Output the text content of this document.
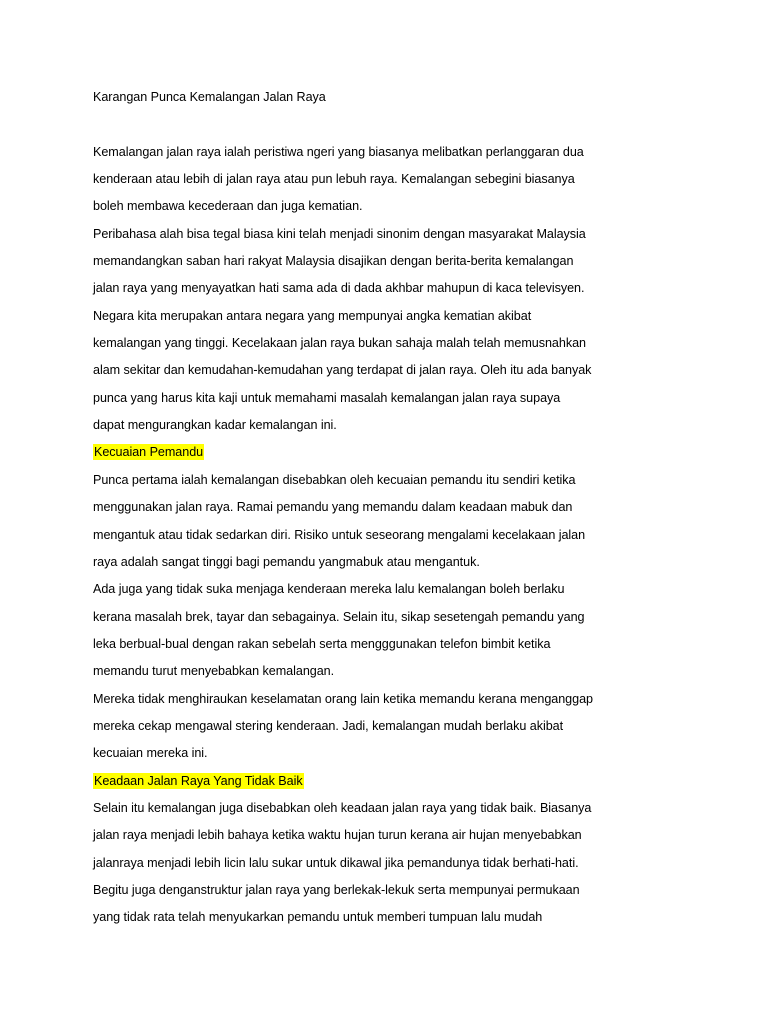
Karangan Punca Kemalangan Jalan Raya
Kemalangan jalan raya ialah peristiwa ngeri yang biasanya melibatkan perlanggaran dua
kenderaan atau lebih di jalan raya atau pun lebuh raya. Kemalangan sebegini biasanya
boleh membawa kecederaan dan juga kematian.
Peribahasa alah bisa tegal biasa kini telah menjadi sinonim dengan masyarakat Malaysia
memandangkan saban hari rakyat Malaysia disajikan dengan berita-berita kemalangan
jalan raya yang menyayatkan hati sama ada di dada akhbar mahupun di kaca televisyen.
Negara kita merupakan antara negara yang mempunyai angka kematian akibat
kemalangan yang tinggi. Kecelakaan jalan raya bukan sahaja malah telah memusnahkan
alam sekitar dan kemudahan-kemudahan yang terdapat di jalan raya. Oleh itu ada banyak
punca yang harus kita kaji untuk memahami masalah kemalangan jalan raya supaya
dapat mengurangkan kadar kemalangan ini.
Kecuaian Pemandu
Punca pertama ialah kemalangan disebabkan oleh kecuaian pemandu itu sendiri ketika
menggunakan jalan raya. Ramai pemandu yang memandu dalam keadaan mabuk dan
mengantuk atau tidak sedarkan diri. Risiko untuk seseorang mengalami kecelakaan jalan
raya adalah sangat tinggi bagi pemandu yangmabuk atau mengantuk.
Ada juga yang tidak suka menjaga kenderaan mereka lalu kemalangan boleh berlaku
kerana masalah brek, tayar dan sebagainya. Selain itu, sikap sesetengah pemandu yang
leka berbual-bual dengan rakan sebelah serta mengggunakan telefon bimbit ketika
memandu turut menyebabkan kemalangan.
Mereka tidak menghiraukan keselamatan orang lain ketika memandu kerana menganggap
mereka cekap mengawal stering kenderaan. Jadi, kemalangan mudah berlaku akibat
kecuaian mereka ini.
Keadaan Jalan Raya Yang Tidak Baik
Selain itu kemalangan juga disebabkan oleh keadaan jalan raya yang tidak baik. Biasanya
jalan raya menjadi lebih bahaya ketika waktu hujan turun kerana air hujan menyebabkan
jalanraya menjadi lebih licin lalu sukar untuk dikawal jika pemandunya tidak berhati-hati.
Begitu juga denganstruktur jalan raya yang berlekak-lekuk serta mempunyai permukaan
yang tidak rata telah menyukarkan pemandu untuk memberi tumpuan lalu mudah
